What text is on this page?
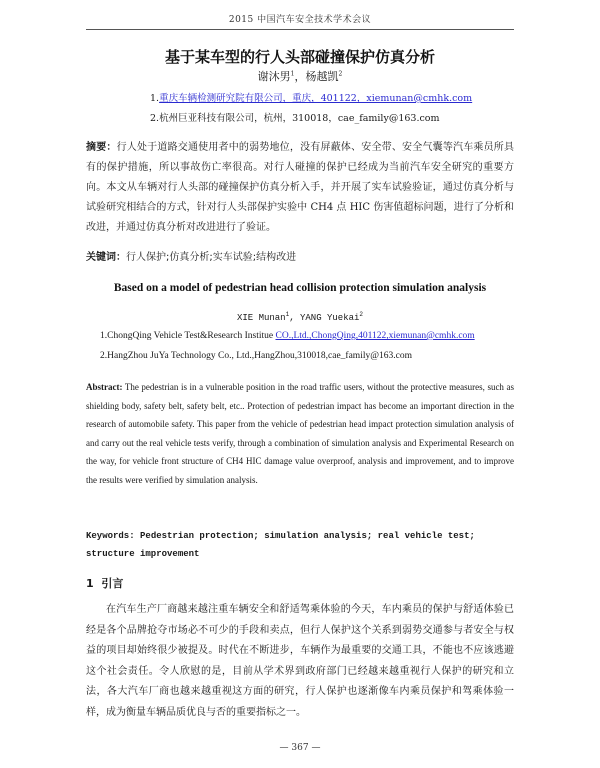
2015 中国汽车安全技术学术会议
基于某车型的行人头部碰撞保护仿真分析
谢沐男$^1$，杨越凯$^2$
1.重庆车辆检测研究院有限公司，重庆，401122，xiemunan@cmhk.com
2.杭州巨亚科技有限公司，杭州，310018，cae_family@163.com
摘要：行人处于道路交通使用者中的弱势地位，没有屏蔽体、安全带、安全气囊等汽车乘员所具有的保护措施，所以事故伤亡率很高。对行人碰撞的保护已经成为当前汽车安全研究的重要方向。本文从车辆对行人头部的碰撞保护仿真分析入手，并开展了实车试验验证，通过仿真分析与试验研究相结合的方式，针对行人头部保护实验中 CH4 点 HIC 伤害值超标问题，进行了分析和改进，并通过仿真分析对改进进行了验证。
关键词：行人保护;仿真分析;实车试验;结构改进
Based on a model of pedestrian head collision protection simulation analysis
XIE Munan$^1$, YANG Yuekai$^2$
1.ChongQing Vehicle Test&Research Institue CO.,Ltd.,ChongQing,401122,xiemunan@cmhk.com
2.HangZhou JuYa Technology Co., Ltd.,HangZhou,310018,cae_family@163.com
Abstract: The pedestrian is in a vulnerable position in the road traffic users, without the protective measures, such as shielding body, safety belt, safety belt, etc.. Protection of pedestrian impact has become an important direction in the research of automobile safety. This paper from the vehicle of pedestrian head impact protection simulation analysis of and carry out the real vehicle tests verify, through a combination of simulation analysis and Experimental Research on the way, for vehicle front structure of CH4 HIC damage value overproof, analysis and improvement, and to improve the results were verified by simulation analysis.
Keywords: Pedestrian protection; simulation analysis; real vehicle test; structure improvement
1 引言

在汽车生产厂商越来越注重车辆安全和舒适驾乘体验的今天，车内乘员的保护与舒适体验已经是各个品牌抢夺市场必不可少的手段和卖点，但行人保护这个关系到弱势交通参与者安全与权益的项目却始终很少被提及。时代在不断进步，车辆作为最重要的交通工具，不能也不应该逃避这个社会责任。令人欣慰的是，目前从学术界到政府部门已经越来越重视行人保护的研究和立法，各大汽车厂商也越来越重视这方面的研究，行人保护也逐渐像车内乘员保护和驾乘体验一样，成为衡量车辆品质优良与否的重要指标之一。

— 367 —
